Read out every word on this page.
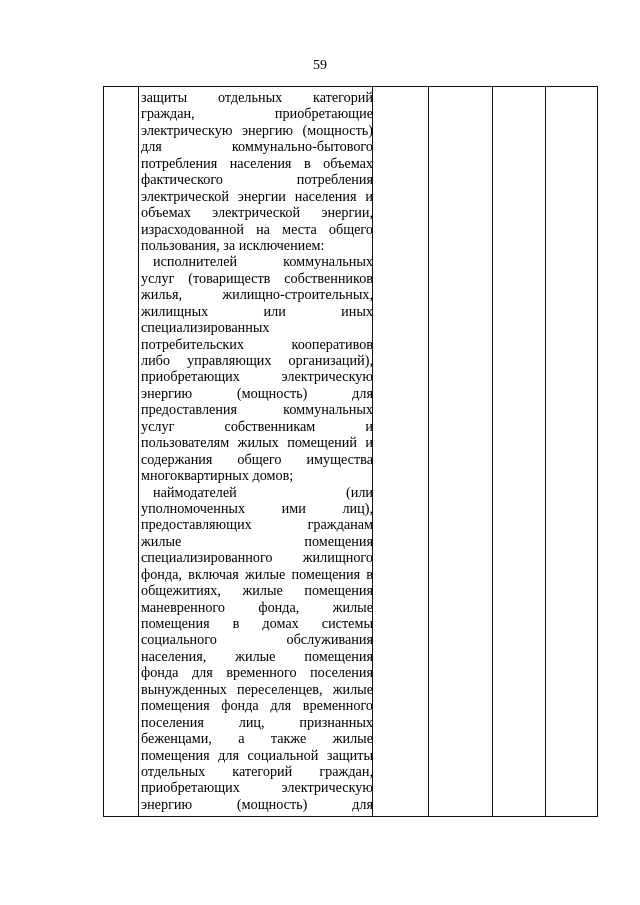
59
защиты отдельных категорий
граждан, приобретающие
электрическую энергию (мощность)
для коммунально-бытового
потребления населения в объемах
фактического потребления
электрической энергии населения и
объемах электрической энергии,
израсходованной на места общего
пользования, за исключением:
исполнителей коммунальных
услуг (товариществ собственников
жилья, жилищно-строительных,
жилищных или иных
специализированных
потребительских кооперативов
либо управляющих организаций),
приобретающих электрическую
энергию (мощность) для
предоставления коммунальных
услуг собственникам и
пользователям жилых помещений и
содержания общего имущества
многоквартирных домов;
наймодателей (или
уполномоченных ими лиц),
предоставляющих гражданам
жилые помещения
специализированного жилищного
фонда, включая жилые помещения в
общежитиях, жилые помещения
маневренного фонда, жилые
помещения в домах системы
социального обслуживания
населения, жилые помещения
фонда для временного поселения
вынужденных переселенцев, жилые
помещения фонда для временного
поселения лиц, признанных
беженцами, а также жилые
помещения для социальной защиты
отдельных категорий граждан,
приобретающих электрическую
энергию (мощность) для
